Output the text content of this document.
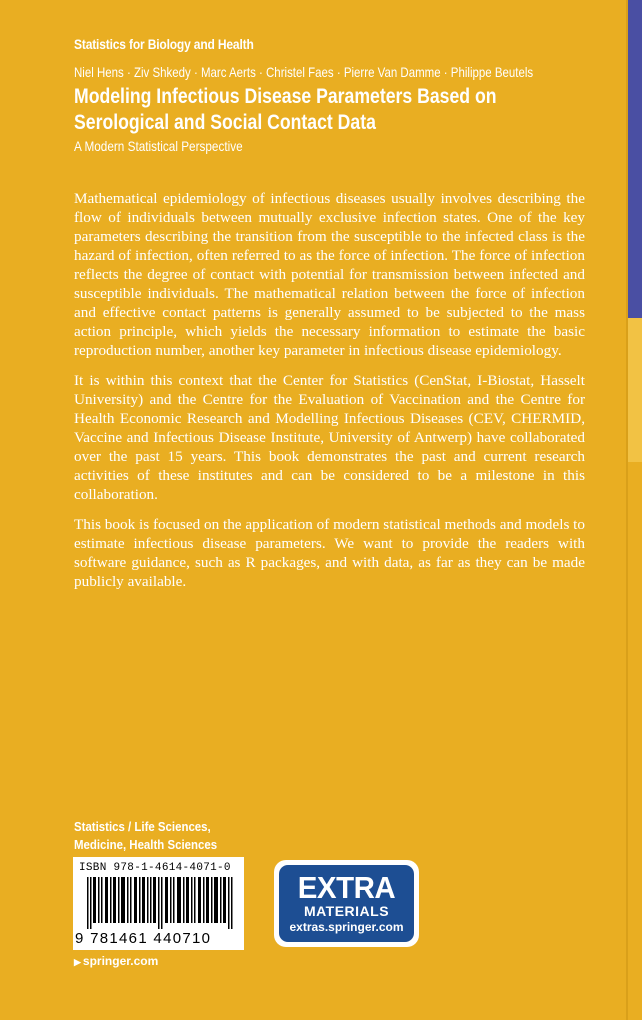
Statistics for Biology and Health
Niel Hens · Ziv Shkedy · Marc Aerts · Christel Faes · Pierre Van Damme · Philippe Beutels
Modeling Infectious Disease Parameters Based on
Serological and Social Contact Data
A Modern Statistical Perspective

Mathematical epidemiology of infectious diseases usually involves describing the flow of individuals between mutually exclusive infection states. One of the key parameters describing the transition from the susceptible to the infected class is the hazard of infection, often referred to as the force of infection. The force of infection reflects the degree of contact with potential for transmission between infected and susceptible individuals. The mathematical relation between the force of infection and effective contact patterns is generally assumed to be subjected to the mass action principle, which yields the necessary information to estimate the basic reproduction number, another key parameter in infectious disease epidemiology.

It is within this context that the Center for Statistics (CenStat, I-Biostat, Hasselt University) and the Centre for the Evaluation of Vaccination and the Centre for Health Economic Research and Modelling Infectious Diseases (CEV, CHERMID, Vaccine and Infectious Disease Institute, University of Antwerp) have collaborated over the past 15 years. This book demonstrates the past and current research activities of these institutes and can be considered to be a milestone in this collaboration.

This book is focused on the application of modern statistical methods and models to estimate infectious disease parameters. We want to provide the readers with software guidance, such as R packages, and with data, as far as they can be made publicly available.

Statistics / Life Sciences,
Medicine, Health Sciences
ISBN 978-1-4614-4071-0
9 781461 440710
▶ springer.com
EXTRA
MATERIALS
extras.springer.com
